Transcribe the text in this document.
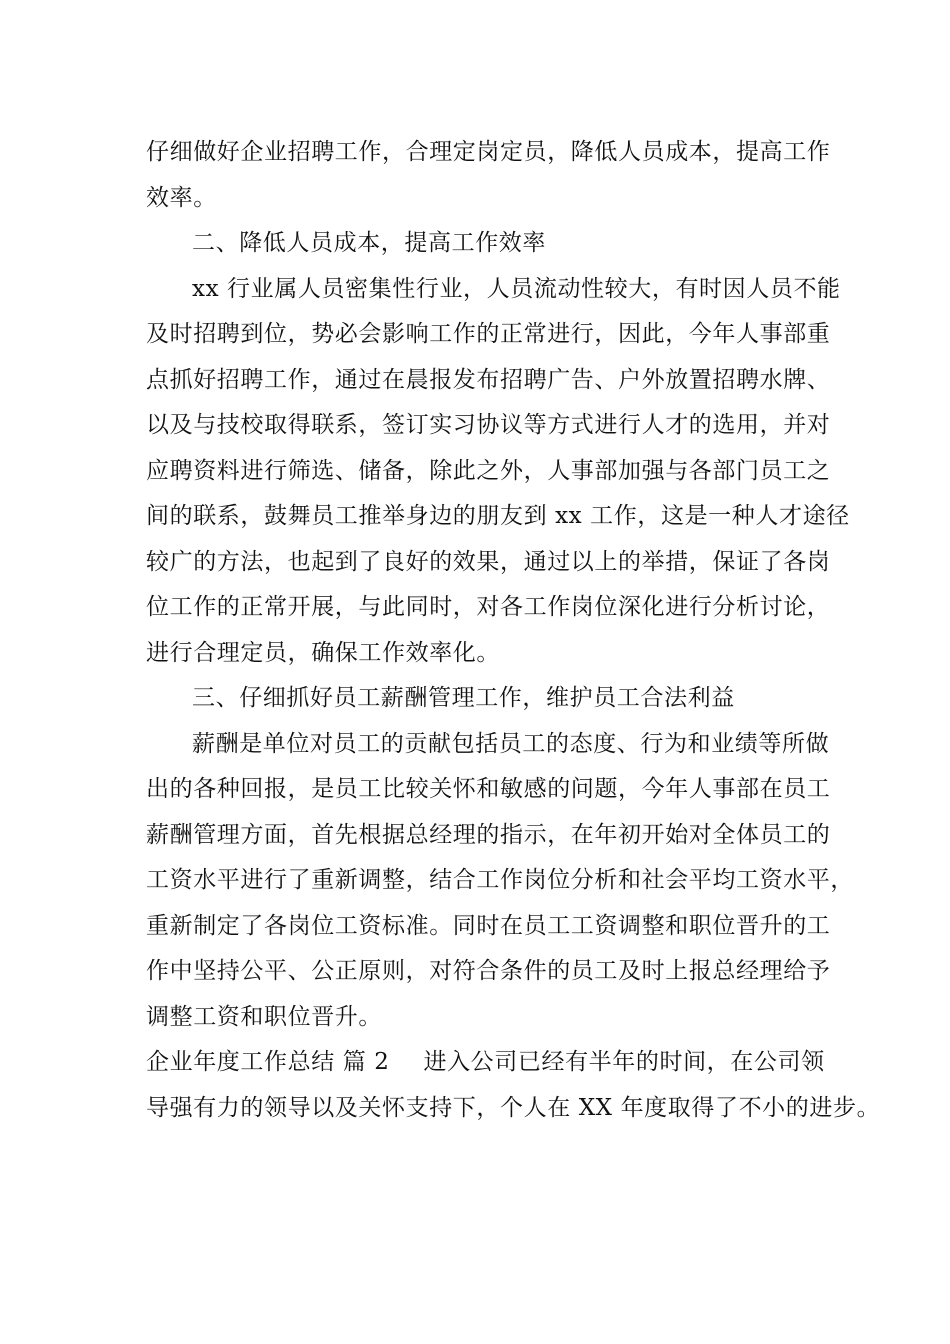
仔细做好企业招聘工作，合理定岗定员，降低人员成本，提高工作
效率。
二、降低人员成本，提高工作效率
xx 行业属人员密集性行业，人员流动性较大，有时因人员不能
及时招聘到位，势必会影响工作的正常进行，因此，今年人事部重
点抓好招聘工作，通过在晨报发布招聘广告、户外放置招聘水牌、
以及与技校取得联系，签订实习协议等方式进行人才的选用，并对
应聘资料进行筛选、储备，除此之外，人事部加强与各部门员工之
间的联系，鼓舞员工推举身边的朋友到 xx 工作，这是一种人才途径
较广的方法，也起到了良好的效果，通过以上的举措，保证了各岗
位工作的正常开展，与此同时，对各工作岗位深化进行分析讨论，
进行合理定员，确保工作效率化。
三、仔细抓好员工薪酬管理工作，维护员工合法利益
薪酬是单位对员工的贡献包括员工的态度、行为和业绩等所做
出的各种回报，是员工比较关怀和敏感的问题，今年人事部在员工
薪酬管理方面，首先根据总经理的指示，在年初开始对全体员工的
工资水平进行了重新调整，结合工作岗位分析和社会平均工资水平，
重新制定了各岗位工资标准。同时在员工工资调整和职位晋升的工
作中坚持公平、公正原则，对符合条件的员工及时上报总经理给予
调整工资和职位晋升。
企业年度工作总结 篇 2 进入公司已经有半年的时间，在公司领
导强有力的领导以及关怀支持下，个人在 XX 年度取得了不小的进步。
